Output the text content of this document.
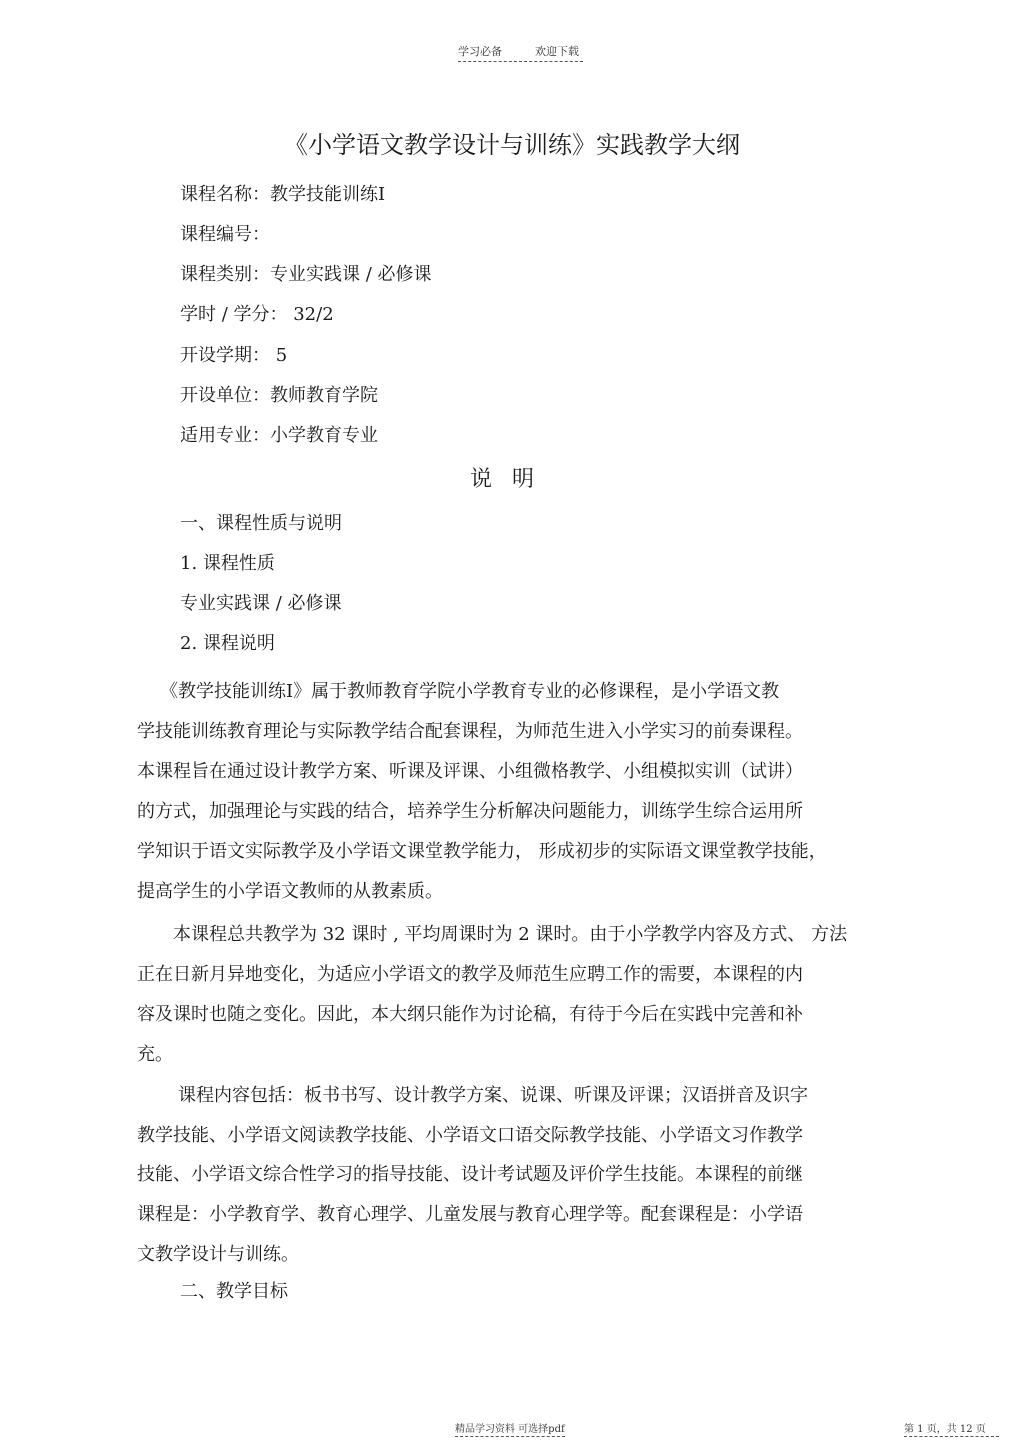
学习必备	欢迎下载
《小学语文教学设计与训练》实践教学大纲
课程名称：教学技能训练Ⅰ
课程编号：
课程类别：专业实践课 / 必修课
学时 / 学分： 32/2
开设学期： 5
开设单位：教师教育学院
适用专业：小学教育专业
说明
一、课程性质与说明
1. 课程性质
专业实践课 / 必修课
2. 课程说明
《教学技能训练Ⅰ》属于教师教育学院小学教育专业的必修课程，是小学语文教
学技能训练教育理论与实际教学结合配套课程，为师范生进入小学实习的前奏课程。
本课程旨在通过设计教学方案、听课及评课、小组微格教学、小组模拟实训（试讲）
的方式，加强理论与实践的结合，培养学生分析解决问题能力，训练学生综合运用所
学知识于语文实际教学及小学语文课堂教学能力， 形成初步的实际语文课堂教学技能，
提高学生的小学语文教师的从教素质。
本课程总共教学为 32 课时 , 平均周课时为 2 课时。由于小学教学内容及方式、 方法
正在日新月异地变化，为适应小学语文的教学及师范生应聘工作的需要，本课程的内
容及课时也随之变化。因此，本大纲只能作为讨论稿，有待于今后在实践中完善和补
充。
课程内容包括：板书书写、设计教学方案、说课、听课及评课；汉语拼音及识字
教学技能、小学语文阅读教学技能、小学语文口语交际教学技能、小学语文习作教学
技能、小学语文综合性学习的指导技能、设计考试题及评价学生技能。本课程的前继
课程是：小学教育学、教育心理学、儿童发展与教育心理学等。配套课程是：小学语
文教学设计与训练。
二、教学目标
精品学习资料 可选择pdf	第 1 页，共 12 页
